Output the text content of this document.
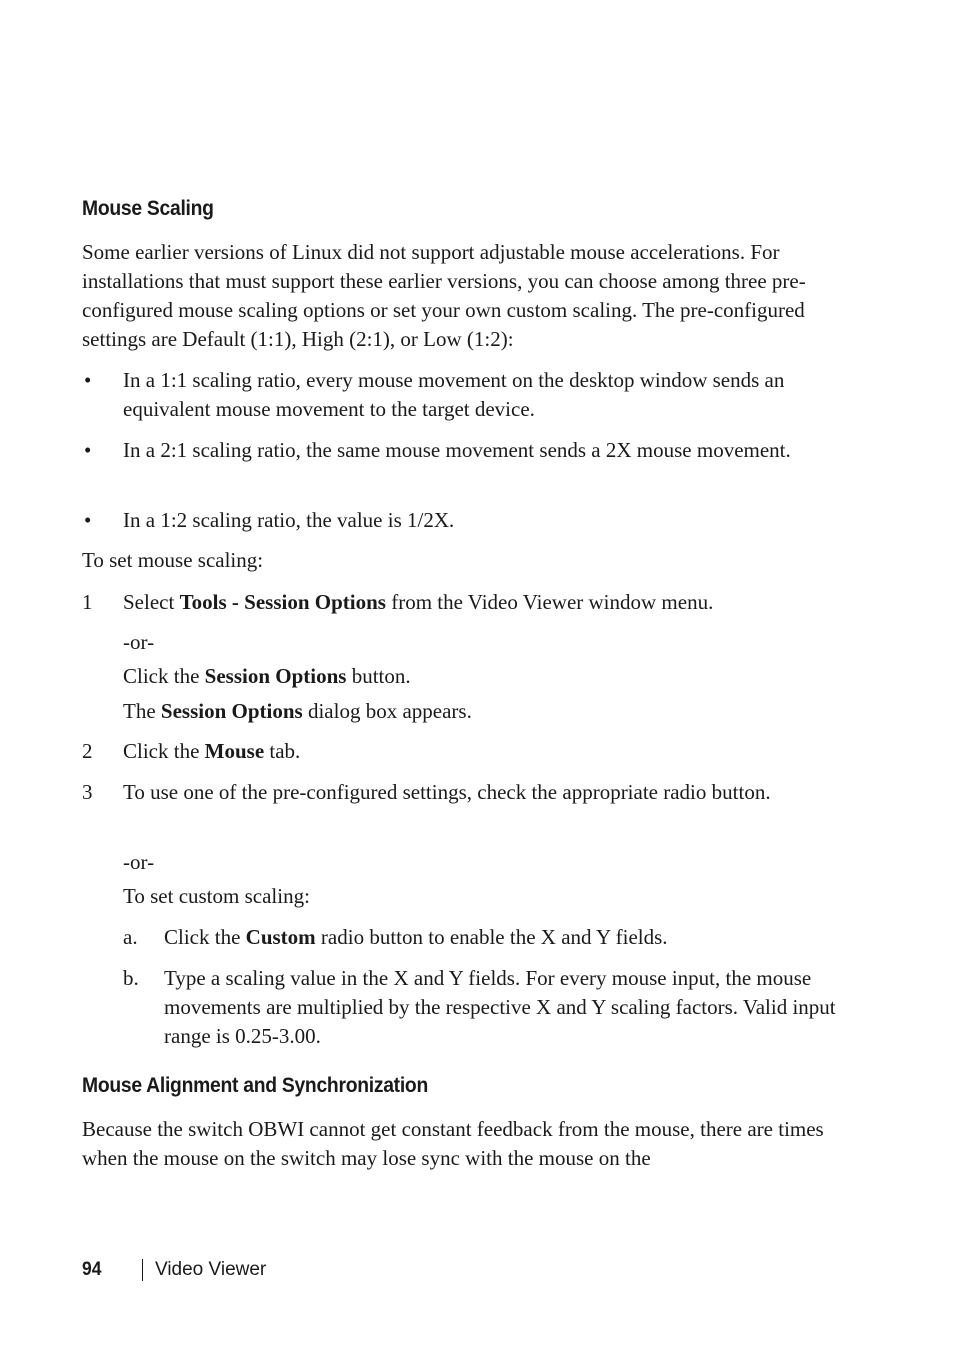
Mouse Scaling
Some earlier versions of Linux did not support adjustable mouse accelerations. For installations that must support these earlier versions, you can choose among three pre-configured mouse scaling options or set your own custom scaling. The pre-configured settings are Default (1:1), High (2:1), or Low (1:2):
• In a 1:1 scaling ratio, every mouse movement on the desktop window sends an equivalent mouse movement to the target device.
• In a 2:1 scaling ratio, the same mouse movement sends a 2X mouse movement.
• In a 1:2 scaling ratio, the value is 1/2X.
To set mouse scaling:
1 Select Tools - Session Options from the Video Viewer window menu.
-or-
Click the Session Options button.
The Session Options dialog box appears.
2 Click the Mouse tab.
3 To use one of the pre-configured settings, check the appropriate radio button.
-or-
To set custom scaling:
a. Click the Custom radio button to enable the X and Y fields.
b. Type a scaling value in the X and Y fields. For every mouse input, the mouse movements are multiplied by the respective X and Y scaling factors. Valid input range is 0.25-3.00.
Mouse Alignment and Synchronization
Because the switch OBWI cannot get constant feedback from the mouse, there are times when the mouse on the switch may lose sync with the mouse on the
94	Video Viewer
